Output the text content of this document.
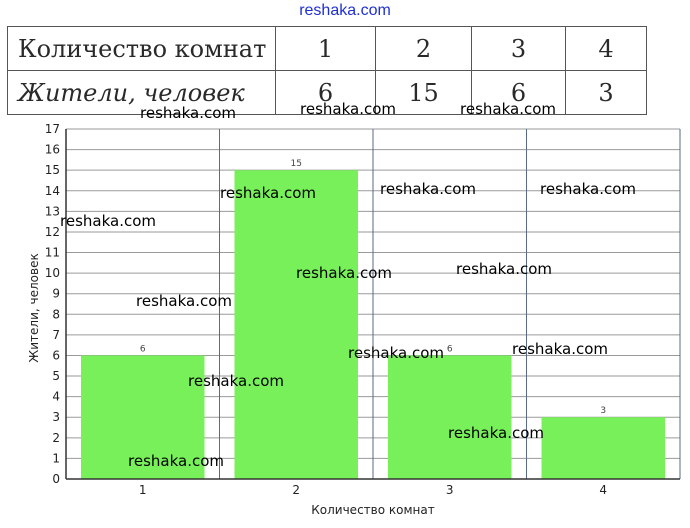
reshaka.com
Количество комнат	1	2	3	4
Жители, человек	6	15	6	3
0
1
2
3
4
5
6
7
8
9
10
11
12
13
14
15
16
17
6
1
15
2
6
3
3
4
Количество комнат
Жители, человек
reshaka.com	reshaka.com	reshaka.com
reshaka.com	reshaka.com	reshaka.com
reshaka.com
reshaka.com	reshaka.com
reshaka.com
reshaka.com	reshaka.com
reshaka.com
reshaka.com
reshaka.com
